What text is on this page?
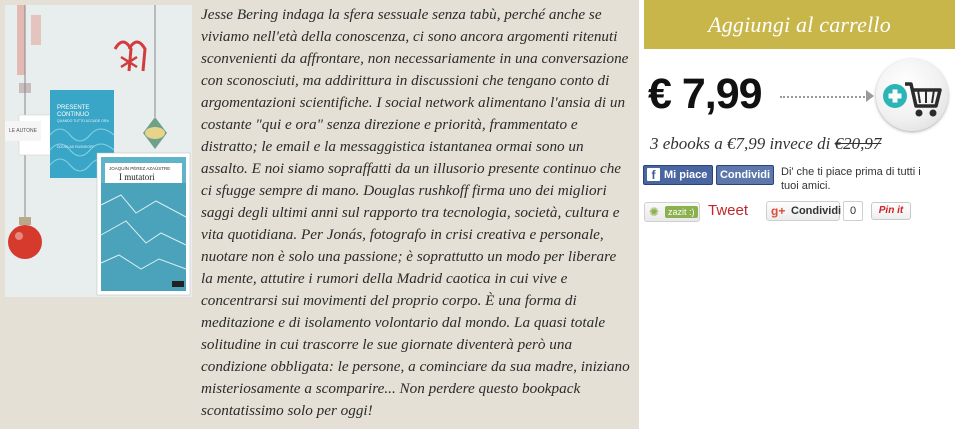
LE AUTONE
PRESENTE
CONTINUO
QUANDO TUTTO ACCADE ORA
DOUGLAS RUSHKOFF
JOAQUÍN PÉREZ AZAÚSTRE
I mutatori

Jesse Bering indaga la sfera sessuale senza tabù, perché anche se viviamo nell'età della conoscenza, ci sono ancora argomenti ritenuti sconvenienti da affrontare, non necessariamente in una conversazione con sconosciuti, ma addirittura in discussioni che tengano conto di argomentazioni scientifiche. I social network alimentano l'ansia di un costante "qui e ora" senza direzione e priorità, frammentato e distratto; le email e la messaggistica istantanea ormai sono un assalto. E noi siamo sopraffatti da un illusorio presente continuo che ci sfugge sempre di mano. Douglas rushkoff firma uno dei migliori saggi degli ultimi anni sul rapporto tra tecnologia, società, cultura e vita quotidiana. Per Jonás, fotografo in crisi creativa e personale, nuotare non è solo una passione; è soprattutto un modo per liberare la mente, attutire i rumori della Madrid caotica in cui vive e concentrarsi sui movimenti del proprio corpo. È una forma di meditazione e di isolamento volontario dal mondo. La quasi totale solitudine in cui trascorre le sue giornate diventerà però una condizione obbligata: le persone, a cominciare da sua madre, iniziano misteriosamente a scomparire... Non perdere questo bookpack scontatissimo solo per oggi!

Aggiungi al carrello
€ 7,99
3 ebooks a €7,99 invece di €20,97
f Mi piace	Condividi Di' che ti piace prima di tutti i tuoi amici.
✺ zazit :) Tweet g+ Condividi 0	Pin it
